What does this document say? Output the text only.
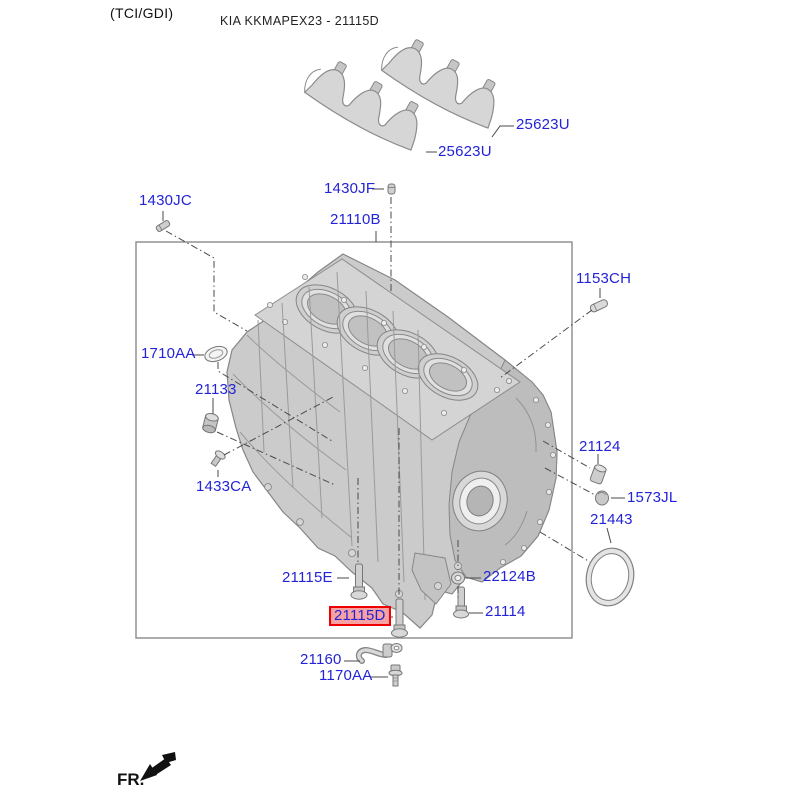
(TCI/GDI)	KIA KKMAPEX23 - 21115D
25623U
25623U
1430JC
1430JF
21110B
1153CH
1710AA
21133
1433CA
21124
1573JL
21443
21115E
21115D
22124B
21114
21160
1170AA
FR.
